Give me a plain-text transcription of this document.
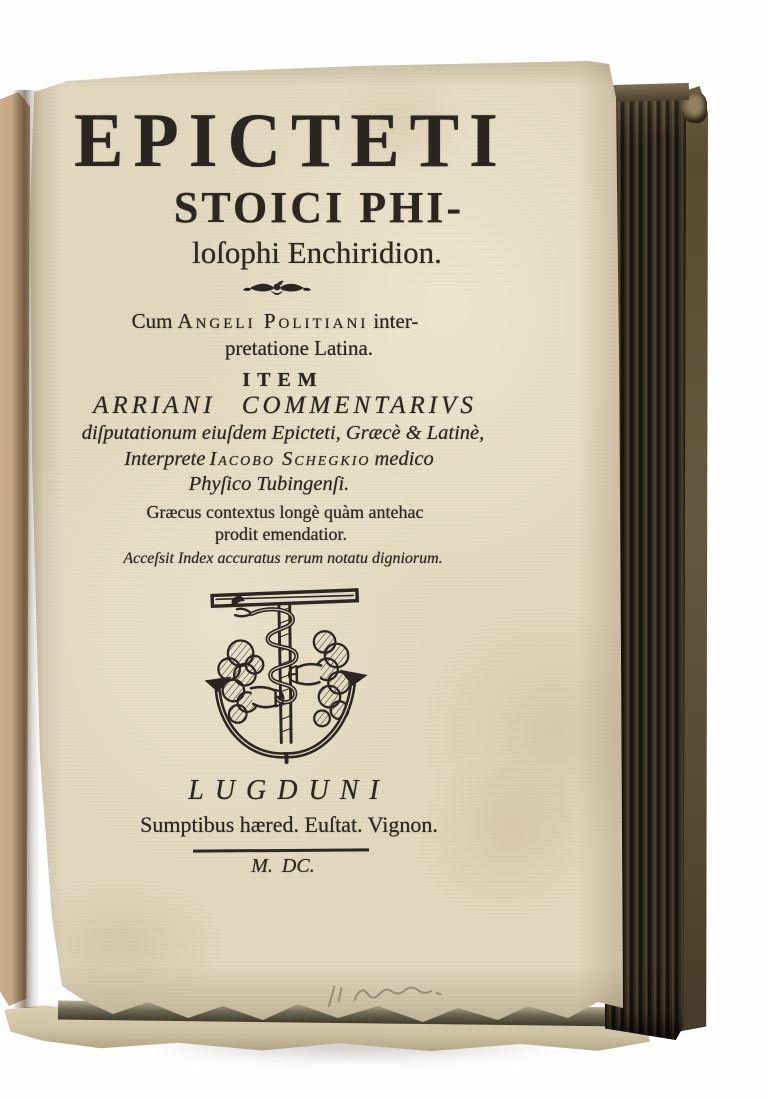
EPICTETI
STOICI PHI-
loſophi Enchiridion.
Cum Angeli Politiani inter-
pretatione Latina.
ITEM
ARRIANI COMMENTARIVS
diſputationum eiuſdem Epicteti, Græcè & Latinè,
Interprete Iacobo Schegkio medico
Phyſico Tubingenſi.
Græcus contextus longè quàm antehac
prodit emendatior.
Acceſsit Index accuratus rerum notatu digniorum.
LUGDUNI
Sumptibus hæred. Euſtat. Vignon.
M. DC.
